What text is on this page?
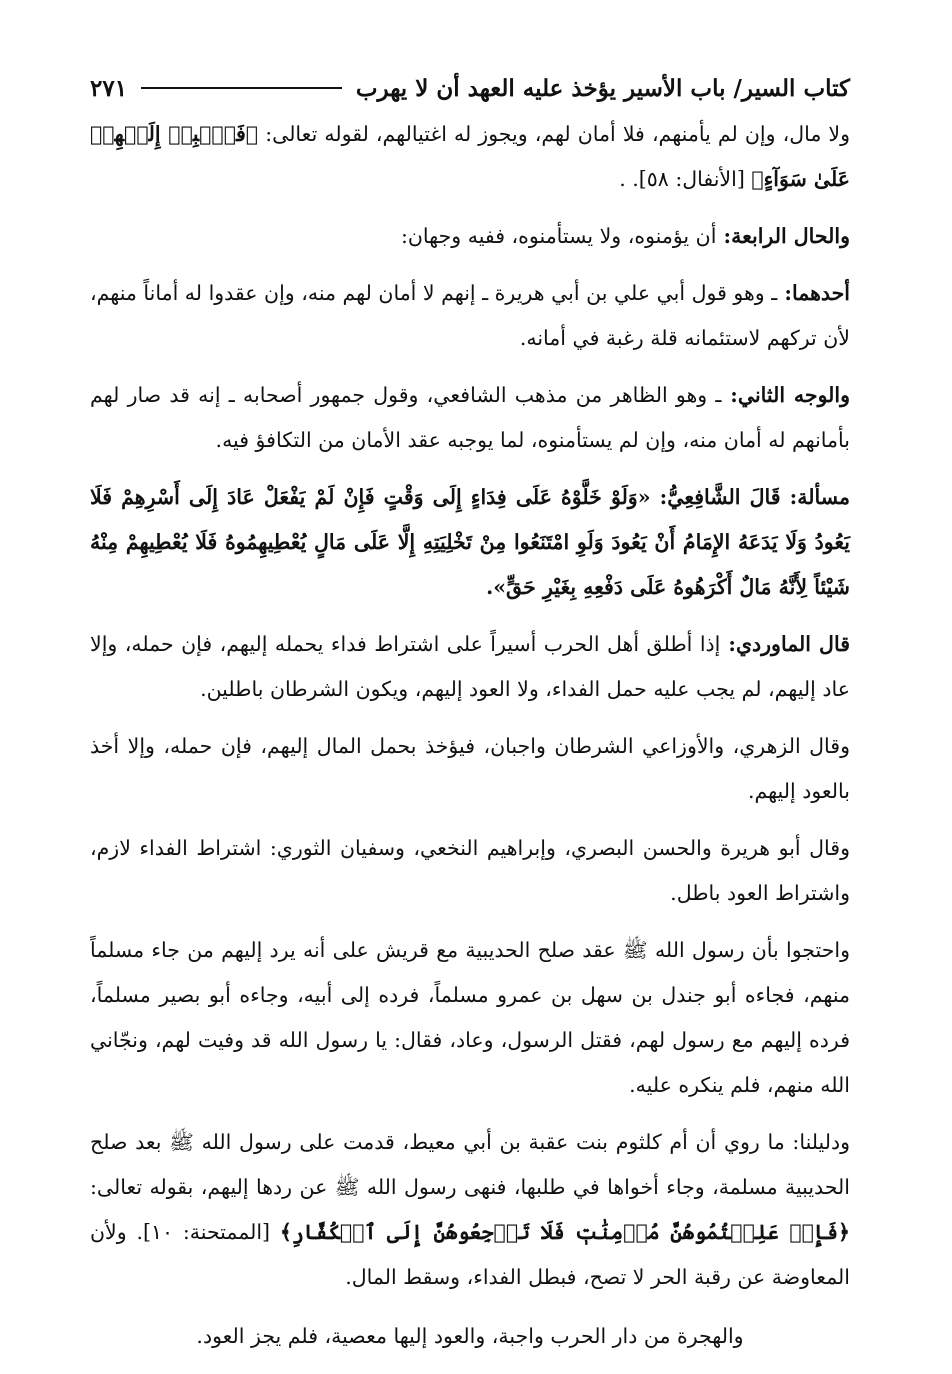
كتاب السير/ باب الأسير يؤخذ عليه العهد أن لا يهرب
٢٧١

ولا مال، وإن لم يأمنهم، فلا أمان لهم، ويجوز له اغتيالهم، لقوله تعالى: ﴿فَٱنۢبِذۡ إِلَيۡهِمۡ عَلَىٰ سَوَآءٍ﴾ [الأنفال: ٥٨]. .

والحال الرابعة: أن يؤمنوه، ولا يستأمنوه، ففيه وجهان:

أحدهما: ـ وهو قول أبي علي بن أبي هريرة ـ إنهم لا أمان لهم منه، وإن عقدوا له أماناً منهم، لأن تركهم لاستئمانه قلة رغبة في أمانه.

والوجه الثاني: ـ وهو الظاهر من مذهب الشافعي، وقول جمهور أصحابه ـ إنه قد صار لهم بأمانهم له أمان منه، وإن لم يستأمنوه، لما يوجبه عقد الأمان من التكافؤ فيه.

مسألة: قَالَ الشَّافِعِيُّ: «وَلَوْ خَلَّوْهُ عَلَى فِدَاءٍ إِلَى وَقْتٍ فَإِنْ لَمْ يَفْعَلْ عَادَ إِلَى أَسْرِهِمْ فَلَا يَعُودُ وَلَا يَدَعَهُ الإِمَامُ أَنْ يَعُودَ وَلَوِ امْتَنَعُوا مِنْ تَخْلِيَتِهِ إِلَّا عَلَى مَالٍ يُعْطِيهِمُوهُ فَلَا يُعْطِيهِمْ مِنْهُ شَيْئاً لِأَنَّهُ مَالٌ أَكْرَهُوهُ عَلَى دَفْعِهِ بِغَيْرِ حَقٍّ».

قال الماوردي: إذا أطلق أهل الحرب أسيراً على اشتراط فداء يحمله إليهم، فإن حمله، وإلا عاد إليهم، لم يجب عليه حمل الفداء، ولا العود إليهم، ويكون الشرطان باطلين.

وقال الزهري، والأوزاعي الشرطان واجبان، فيؤخذ بحمل المال إليهم، فإن حمله، وإلا أخذ بالعود إليهم.

وقال أبو هريرة والحسن البصري، وإبراهيم النخعي، وسفيان الثوري: اشتراط الفداء لازم، واشتراط العود باطل.

واحتجوا بأن رسول الله ﷺ عقد صلح الحديبية مع قريش على أنه يرد إليهم من جاء مسلماً منهم، فجاءه أبو جندل بن سهل بن عمرو مسلماً، فرده إلى أبيه، وجاءه أبو بصير مسلماً، فرده إليهم مع رسول لهم، فقتل الرسول، وعاد، فقال: يا رسول الله قد وفيت لهم، ونجّاني الله منهم، فلم ينكره عليه.

ودليلنا: ما روي أن أم كلثوم بنت عقبة بن أبي معيط، قدمت على رسول الله ﷺ بعد صلح الحديبية مسلمة، وجاء أخواها في طلبها، فنهى رسول الله ﷺ عن ردها إليهم، بقوله تعالى: ﴿فَإِنۡ عَلِمۡتُمُوهُنَّ مُؤۡمِنَٰتٖ فَلَا تَرۡجِعُوهُنَّ إِلَى ٱلۡكُفَّارِ﴾ [الممتحنة: ١٠]. ولأن المعاوضة عن رقبة الحر لا تصح، فبطل الفداء، وسقط المال.

والهجرة من دار الحرب واجبة، والعود إليها معصية، فلم يجز العود.
